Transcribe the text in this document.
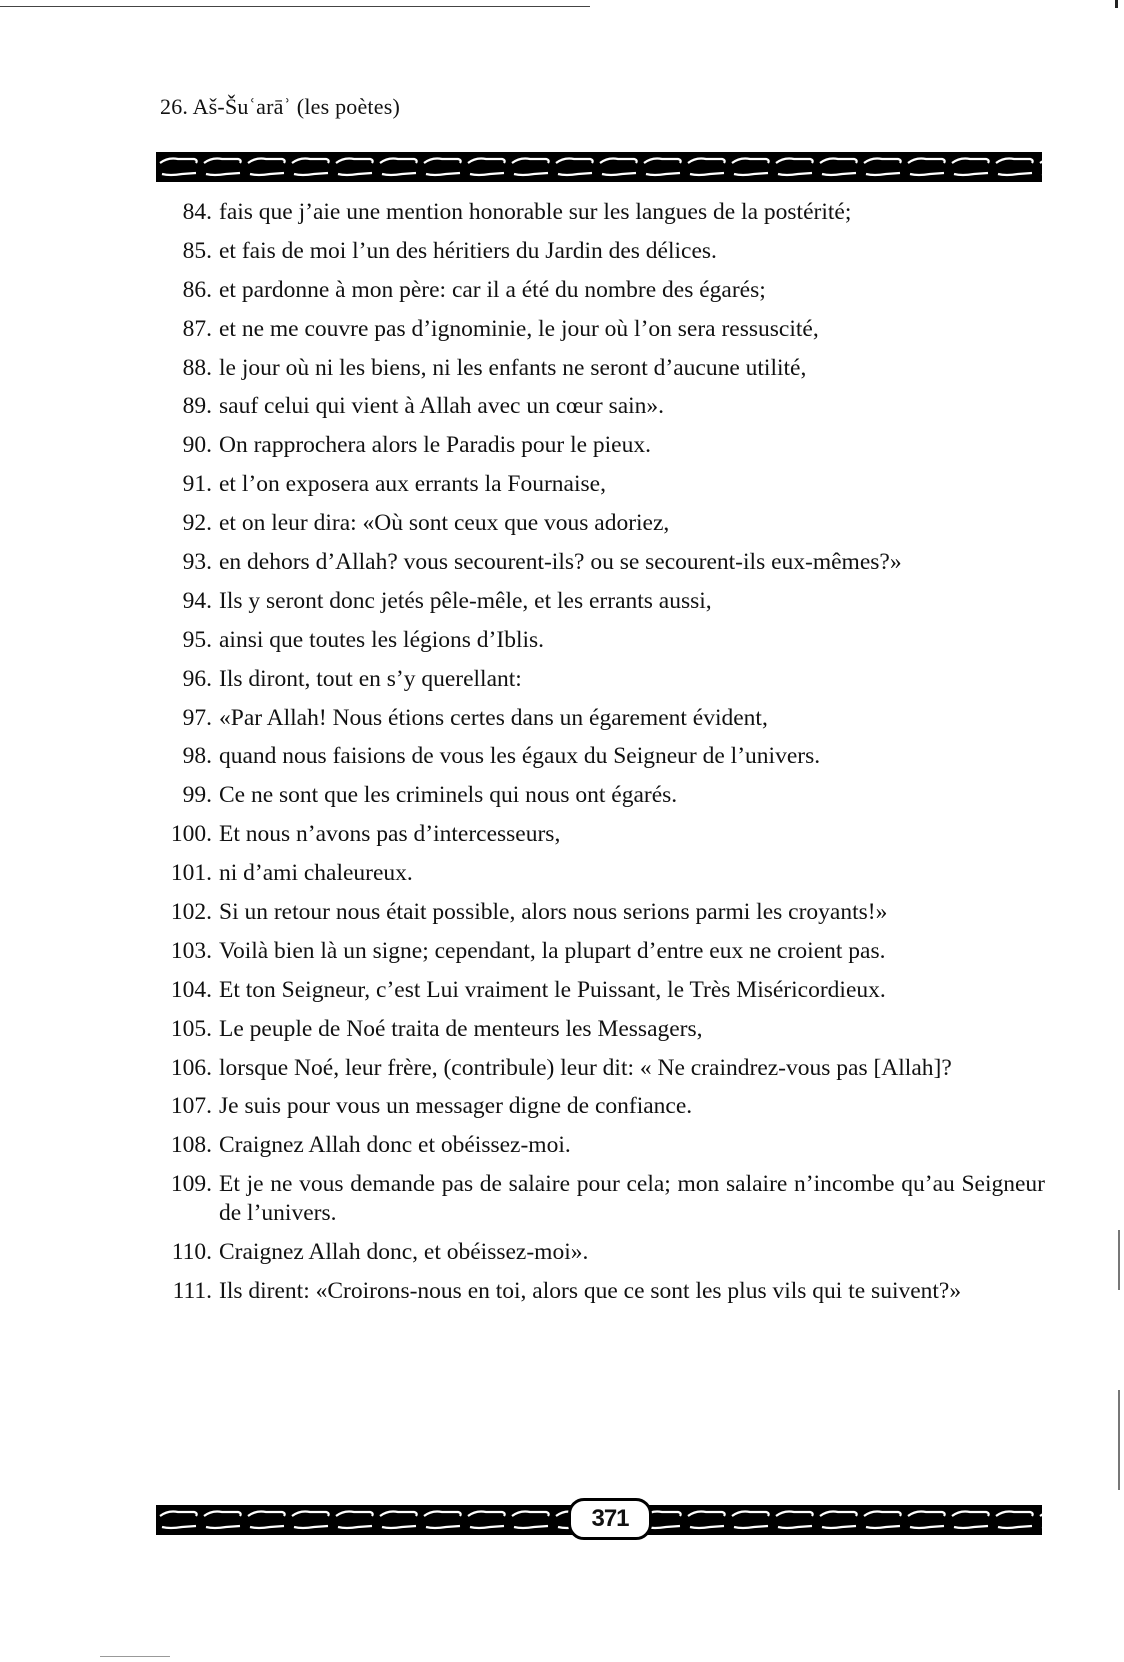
26. Aš-Šuʿarāʾ (les poètes)
84. fais que j’aie une mention honorable sur les langues de la postérité;
85. et fais de moi l’un des héritiers du Jardin des délices.
86. et pardonne à mon père: car il a été du nombre des égarés;
87. et ne me couvre pas d’ignominie, le jour où l’on sera ressuscité,
88. le jour où ni les biens, ni les enfants ne seront d’aucune utilité,
89. sauf celui qui vient à Allah avec un cœur sain».
90. On rapprochera alors le Paradis pour le pieux.
91. et l’on exposera aux errants la Fournaise,
92. et on leur dira: «Où sont ceux que vous adoriez,
93. en dehors d’Allah? vous secourent-ils? ou se secourent-ils eux-mêmes?»
94. Ils y seront donc jetés pêle-mêle, et les errants aussi,
95. ainsi que toutes les légions d’Iblis.
96. Ils diront, tout en s’y querellant:
97. «Par Allah! Nous étions certes dans un égarement évident,
98. quand nous faisions de vous les égaux du Seigneur de l’univers.
99. Ce ne sont que les criminels qui nous ont égarés.
100. Et nous n’avons pas d’intercesseurs,
101. ni d’ami chaleureux.
102. Si un retour nous était possible, alors nous serions parmi les croyants!»
103. Voilà bien là un signe; cependant, la plupart d’entre eux ne croient pas.
104. Et ton Seigneur, c’est Lui vraiment le Puissant, le Très Miséricordieux.
105. Le peuple de Noé traita de menteurs les Messagers,
106. lorsque Noé, leur frère, (contribule) leur dit: « Ne craindrez-vous pas [Allah]?
107. Je suis pour vous un messager digne de confiance.
108. Craignez Allah donc et obéissez-moi.
109. Et je ne vous demande pas de salaire pour cela; mon salaire n’incombe qu’au Seigneur de l’univers.
110. Craignez Allah donc, et obéissez-moi».
111. Ils dirent: «Croirons-nous en toi, alors que ce sont les plus vils qui te suivent?»
371
